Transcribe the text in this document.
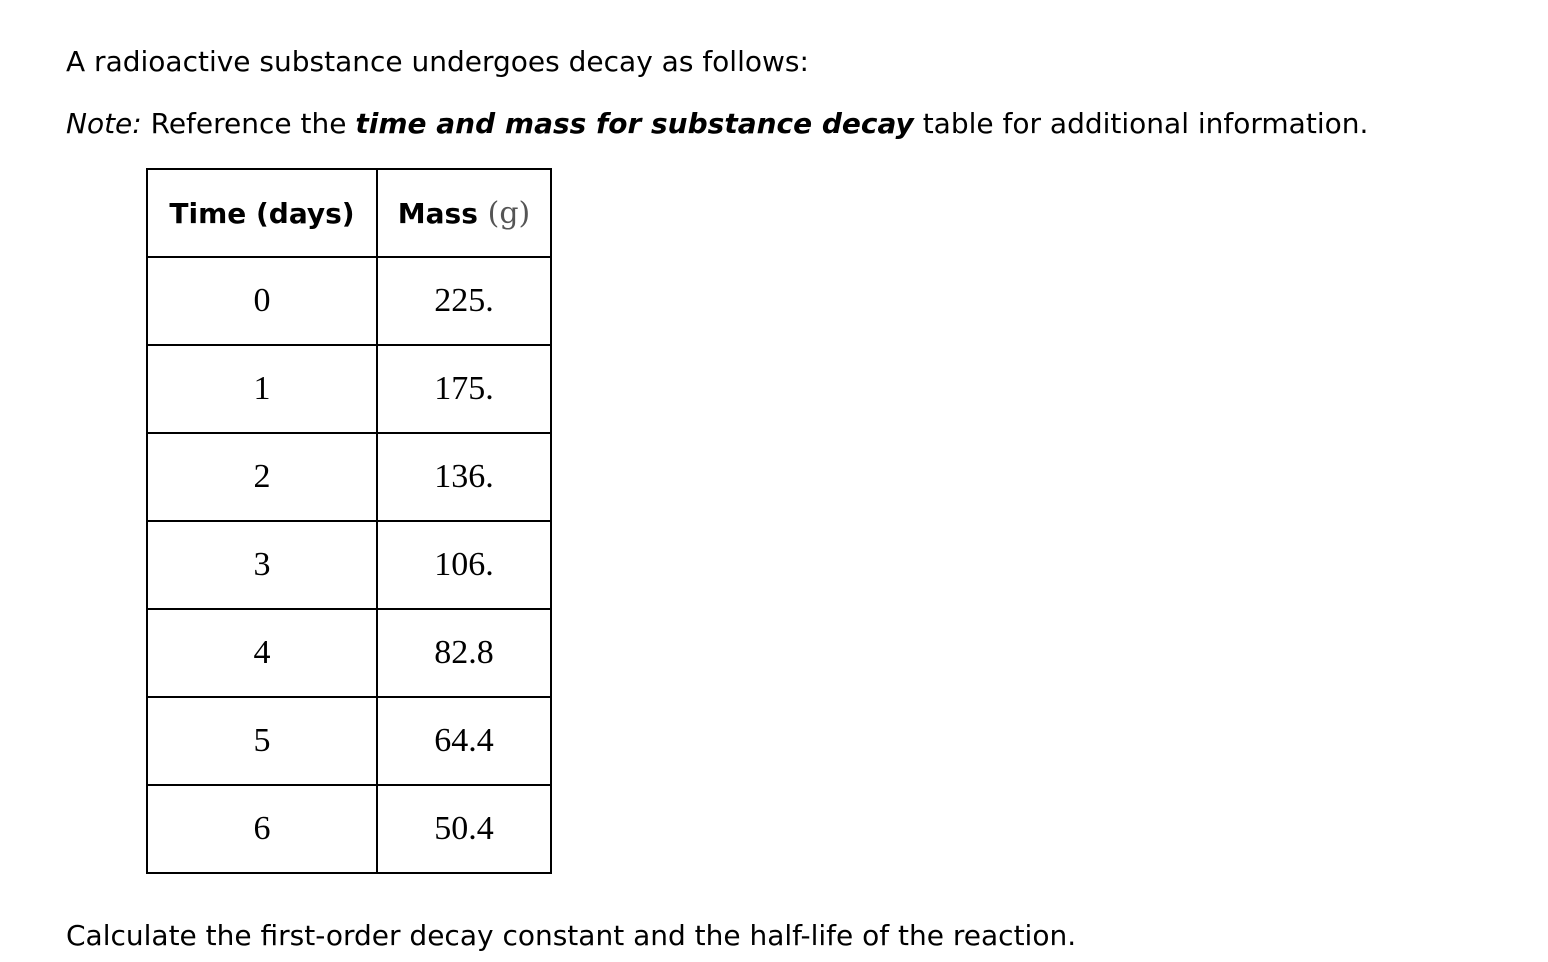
A radioactive substance undergoes decay as follows:
Note: Reference the time and mass for substance decay table for additional information.
Time (days)	Mass (g)
0	225.
1	175.
2	136.
3	106.
4	82.8
5	64.4
6	50.4
Calculate the first-order decay constant and the half-life of the reaction.
